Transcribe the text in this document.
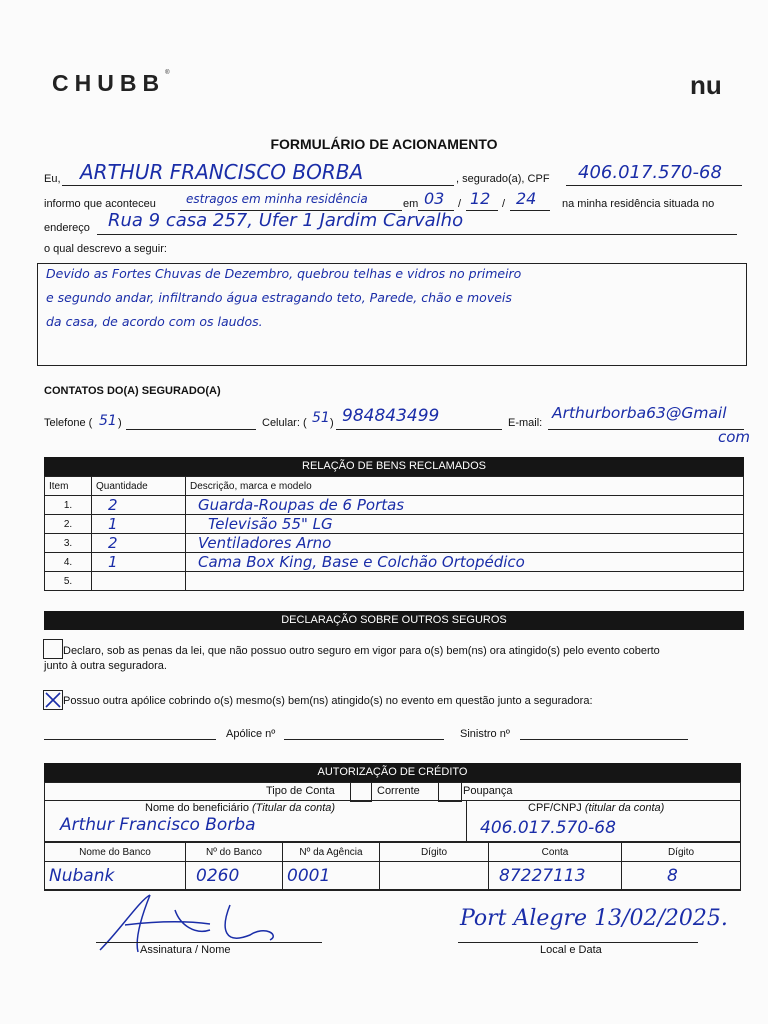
CHUBB®	nu
FORMULÁRIO DE ACIONAMENTO
Eu, ARTHUR FRANCISCO BORBA	, segurado(a), CPF 406.017.570-68
informo que aconteceu	estragos em minha residência	em 03 / 12 / 24 na minha residência situada no
endereço Rua 9 casa 257, Ufer 1 Jardim Carvalho
o qual descrevo a seguir:
Devido as Fortes Chuvas de Dezembro, quebrou telhas e vidros no primeiro
e segundo andar, infiltrando água estragando teto, Parede, chão e moveis
da casa, de acordo com os laudos.
CONTATOS DO(A) SEGURADO(A)
Telefone ( 51 )	Celular: ( 51 ) 984843499	E-mail:
Arthurborba63@Gmail
com
RELAÇÃO DE BENS RECLAMADOS
Item	Quantidade	Descrição, marca e modelo
1.	2	Guarda-Roupas de 6 Portas
2.	1	Televisão 55" LG
3.	2	Ventiladores Arno
4.	1	Cama Box King, Base e Colchão Ortopédico
5.		
DECLARAÇÃO SOBRE OUTROS SEGUROS
Declaro, sob as penas da lei, que não possuo outro seguro em vigor para o(s) bem(ns) ora atingido(s) pelo evento coberto
junto à outra seguradora.
Possuo outra apólice cobrindo o(s) mesmo(s) bem(ns) atingido(s) no evento em questão junto a seguradora:
Apólice nº	Sinistro nº
AUTORIZAÇÃO DE CRÉDITO
Tipo de Conta	Corrente	Poupança
Nome do beneficiário (Titular da conta)	CPF/CNPJ (titular da conta)
Arthur Francisco Borba	406.017.570-68
Nome do Banco	Nº do Banco	Nº da Agência	Dígito	Conta	Dígito
Nubank	0260	0001		87227113	8
Assinatura / Nome
Port Alegre 13/02/2025.
Local e Data
